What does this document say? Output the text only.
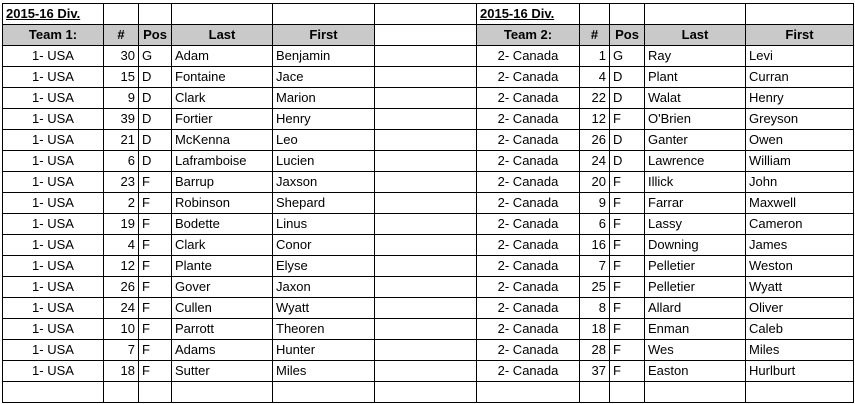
2015-16 Div.						2015-16 Div.				
Team 1:	#	Pos	Last	First		Team 2:	#	Pos	Last	First
1- USA	30	G	Adam	Benjamin		2- Canada	1	G	Ray	Levi
1- USA	15	D	Fontaine	Jace		2- Canada	4	D	Plant	Curran
1- USA	9	D	Clark	Marion		2- Canada	22	D	Walat	Henry
1- USA	39	D	Fortier	Henry		2- Canada	12	F	O'Brien	Greyson
1- USA	21	D	McKenna	Leo		2- Canada	26	D	Ganter	Owen
1- USA	6	D	Laframboise	Lucien		2- Canada	24	D	Lawrence	William
1- USA	23	F	Barrup	Jaxson		2- Canada	20	F	Illick	John
1- USA	2	F	Robinson	Shepard		2- Canada	9	F	Farrar	Maxwell
1- USA	19	F	Bodette	Linus		2- Canada	6	F	Lassy	Cameron
1- USA	4	F	Clark	Conor		2- Canada	16	F	Downing	James
1- USA	12	F	Plante	Elyse		2- Canada	7	F	Pelletier	Weston
1- USA	26	F	Gover	Jaxon		2- Canada	25	F	Pelletier	Wyatt
1- USA	24	F	Cullen	Wyatt		2- Canada	8	F	Allard	Oliver
1- USA	10	F	Parrott	Theoren		2- Canada	18	F	Enman	Caleb
1- USA	7	F	Adams	Hunter		2- Canada	28	F	Wes	Miles
1- USA	18	F	Sutter	Miles		2- Canada	37	F	Easton	Hurlburt
